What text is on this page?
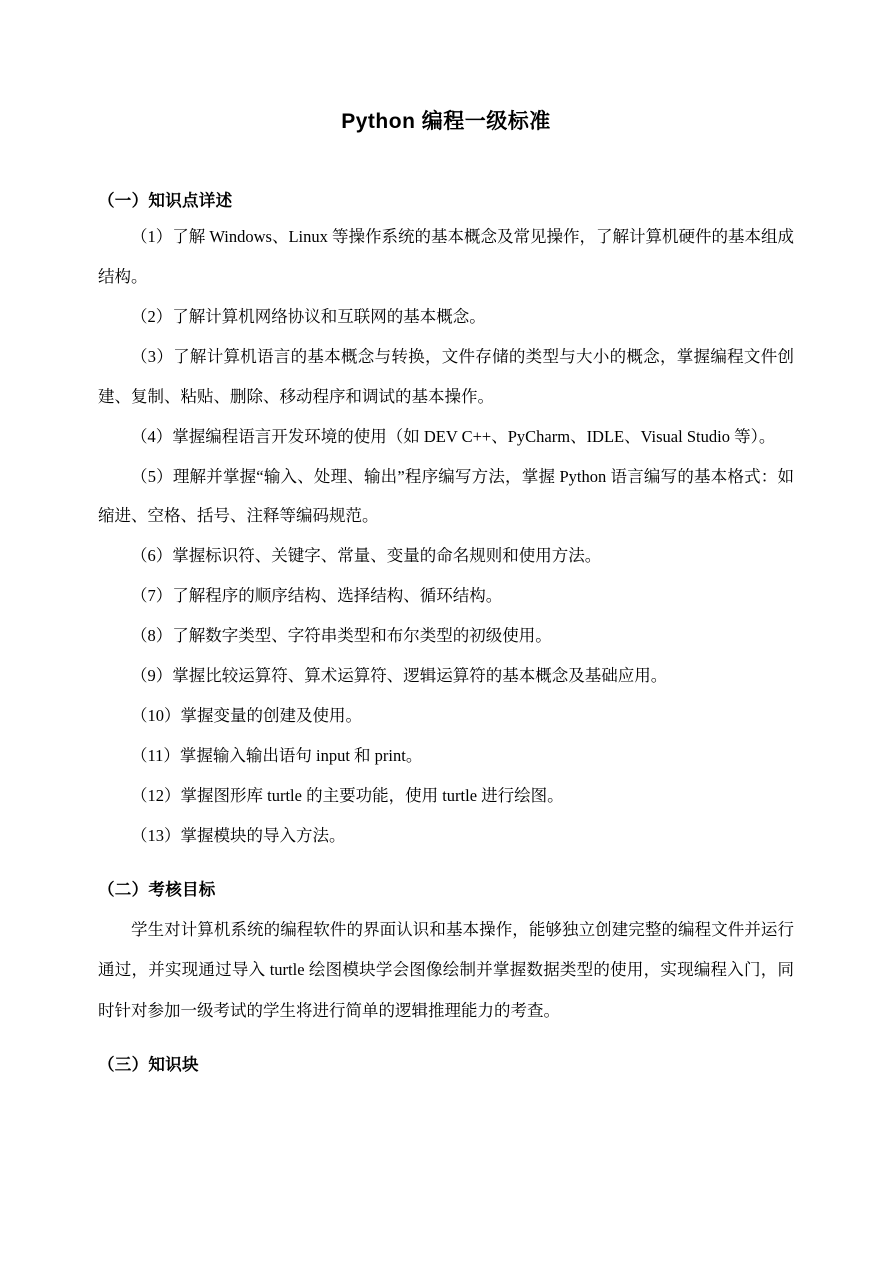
Python 编程一级标准
（一）知识点详述

（1）了解 Windows、Linux 等操作系统的基本概念及常见操作，了解计算机硬件的基本组成结构。

（2）了解计算机网络协议和互联网的基本概念。

（3）了解计算机语言的基本概念与转换，文件存储的类型与大小的概念，掌握编程文件创建、复制、粘贴、删除、移动程序和调试的基本操作。

（4）掌握编程语言开发环境的使用（如 DEV C++、PyCharm、IDLE、Visual Studio 等）。

（5）理解并掌握“输入、处理、输出”程序编写方法，掌握 Python 语言编写的基本格式：如缩进、空格、括号、注释等编码规范。

（6）掌握标识符、关键字、常量、变量的命名规则和使用方法。

（7）了解程序的顺序结构、选择结构、循环结构。

（8）了解数字类型、字符串类型和布尔类型的初级使用。

（9）掌握比较运算符、算术运算符、逻辑运算符的基本概念及基础应用。

（10）掌握变量的创建及使用。

（11）掌握输入输出语句 input 和 print。

（12）掌握图形库 turtle 的主要功能，使用 turtle 进行绘图。

（13）掌握模块的导入方法。

（二）考核目标

学生对计算机系统的编程软件的界面认识和基本操作，能够独立创建完整的编程文件并运行通过，并实现通过导入 turtle 绘图模块学会图像绘制并掌握数据类型的使用，实现编程入门，同时针对参加一级考试的学生将进行简单的逻辑推理能力的考查。

（三）知识块
